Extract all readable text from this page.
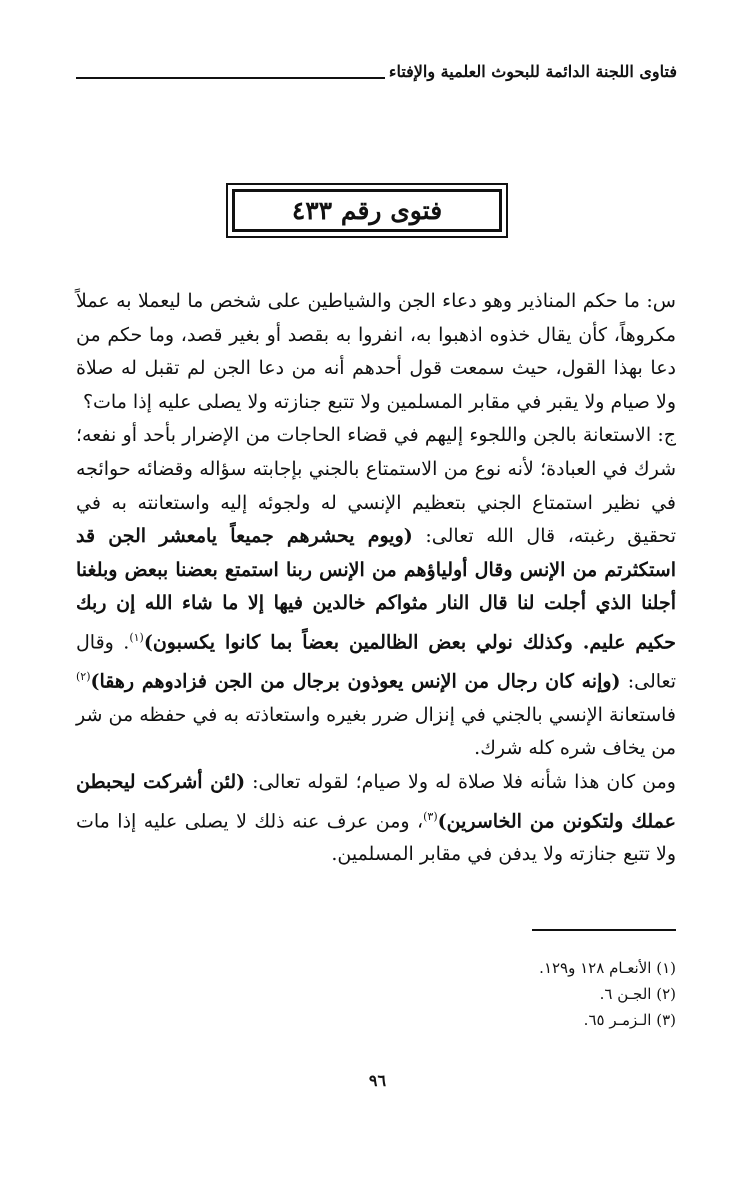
فتاوى اللجنة الدائمة للبحوث العلمية والإفتاء
فتوى رقم ٤٣٣

س: ما حكم المناذير وهو دعاء الجن والشياطين على شخص ما ليعملا به عملاً مكروهاً، كأن يقال خذوه اذهبوا به، انفروا به بقصد أو بغير قصد، وما حكم من دعا بهذا القول، حيث سمعت قول أحدهم أنه من دعا الجن لم تقبل له صلاة ولا صيام ولا يقبر في مقابر المسلمين ولا تتبع جنازته ولا يصلى عليه إذا مات؟

ج: الاستعانة بالجن واللجوء إليهم في قضاء الحاجات من الإضرار بأحد أو نفعه؛ شرك في العبادة؛ لأنه نوع من الاستمتاع بالجني بإجابته سؤاله وقضائه حوائجه في نظير استمتاع الجني بتعظيم الإنسي له ولجوئه إليه واستعانته به في تحقيق رغبته، قال الله تعالى: (ويوم يحشرهم جميعاً يامعشر الجن قد استكثرتم من الإنس وقال أولياؤهم من الإنس ربنا استمتع بعضنا ببعض وبلغنا أجلنا الذي أجلت لنا قال النار مثواكم خالدين فيها إلا ما شاء الله إن ربك حكيم عليم. وكذلك نولي بعض الظالمين بعضاً بما كانوا يكسبون)$^{(١)}$. وقال تعالى: (وإنه كان رجال من الإنس يعوذون برجال من الجن فزادوهم رهقا)$^{(٢)}$ فاستعانة الإنسي بالجني في إنزال ضرر بغيره واستعاذته به في حفظه من شر من يخاف شره كله شرك.

ومن كان هذا شأنه فلا صلاة له ولا صيام؛ لقوله تعالى: (لئن أشركت ليحبطن عملك ولتكونن من الخاسرين)$^{(٣)}$، ومن عرف عنه ذلك لا يصلى عليه إذا مات ولا تتبع جنازته ولا يدفن في مقابر المسلمين.

(١) الأنعـام ١٢٨ و١٢٩.
(٢) الجـن ٦.
(٣) الـزمـر ٦٥.
٩٦
